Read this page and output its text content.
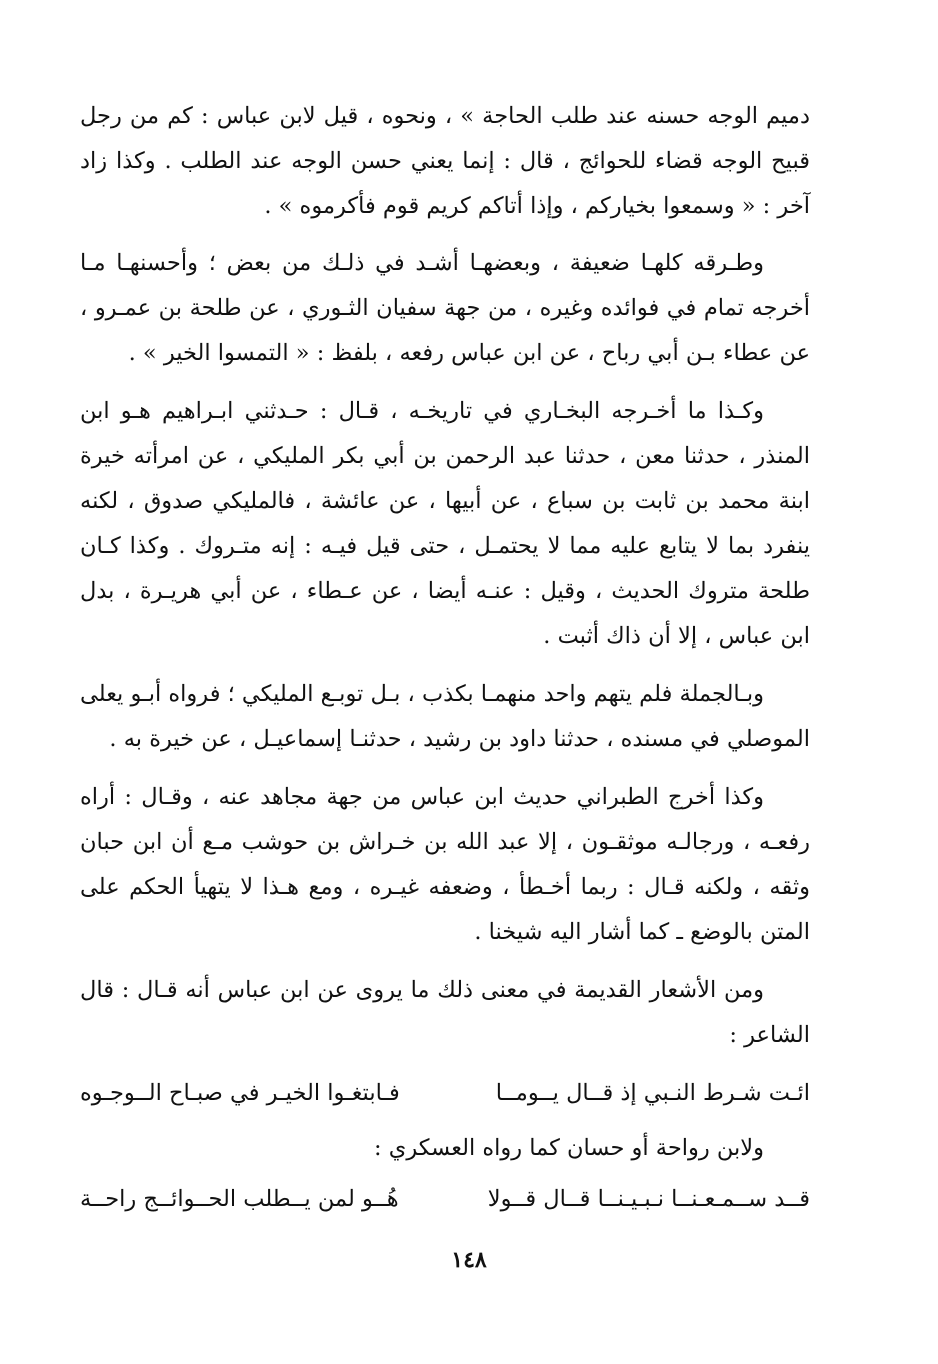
دميم الوجه حسنه عند طلب الحاجة » ، ونحوه ، قيل لابن عباس : كم من رجل قبيح الوجه قضاء للحوائج ، قال : إنما يعني حسن الوجه عند الطلب . وكذا زاد آخر : « وسمعوا بخياركم ، وإذا أتاكم كريم قوم فأكرموه » .

وطـرقه كلهـا ضعيفة ، وبعضهـا أشـد في ذلـك من بعض ؛ وأحسنهـا مـا أخرجه تمام في فوائده وغيره ، من جهة سفيان الثـوري ، عن طلحة بن عمـرو ، عن عطاء بـن أبي رباح ، عن ابن عباس رفعه ، بلفظ : « التمسوا الخير » .

وكـذا ما أخـرجه البخـاري في تاريخـه ، قـال : حـدثني ابـراهيم هـو ابن المنذر ، حدثنا معن ، حدثنا عبد الرحمن بن أبي بكر المليكي ، عن امرأته خيرة ابنة محمد بن ثابت بن سباع ، عن أبيها ، عن عائشة ، فالمليكي صدوق ، لكنه ينفرد بما لا يتابع عليه مما لا يحتمـل ، حتى قيل فيـه : إنه متـروك . وكذا كـان طلحة متروك الحديث ، وقيل : عنـه أيضا ، عن عـطاء ، عن أبي هريـرة ، بدل ابن عباس ، إلا أن ذاك أثبت .

وبـالجملة فلم يتهم واحد منهمـا بكذب ، بـل توبـع المليكي ؛ فرواه أبـو يعلى الموصلي في مسنده ، حدثنا داود بن رشيد ، حدثنـا إسماعيـل ، عن خيرة به .

وكذا أخرج الطبراني حديث ابن عباس من جهة مجاهد عنه ، وقـال : أراه رفعـه ، ورجالـه موثقـون ، إلا عبد الله بن خـراش بن حوشب مـع أن ابن حبان وثقه ، ولكنه قـال : ربما أخـطأ ، وضعفه غيـره ، ومع هـذا لا يتهيأ الحكم على المتن بالوضع ـ كما أشار اليه شيخنا .

ومن الأشعار القديمة في معنى ذلك ما يروى عن ابن عباس أنه قـال : قال الشاعر :

ائـت شـرط النـبي إذ قــال يــومــا
فـابتغـوا الخيـر في صبـاح الــوجـوه

ولابن رواحة أو حسان كما رواه العسكري :

قــد ســمـعـنــا نـبـيـنــا قــال قــولا
هُــو لمن يــطلب الحــوائــج راحــة
١٤٨
